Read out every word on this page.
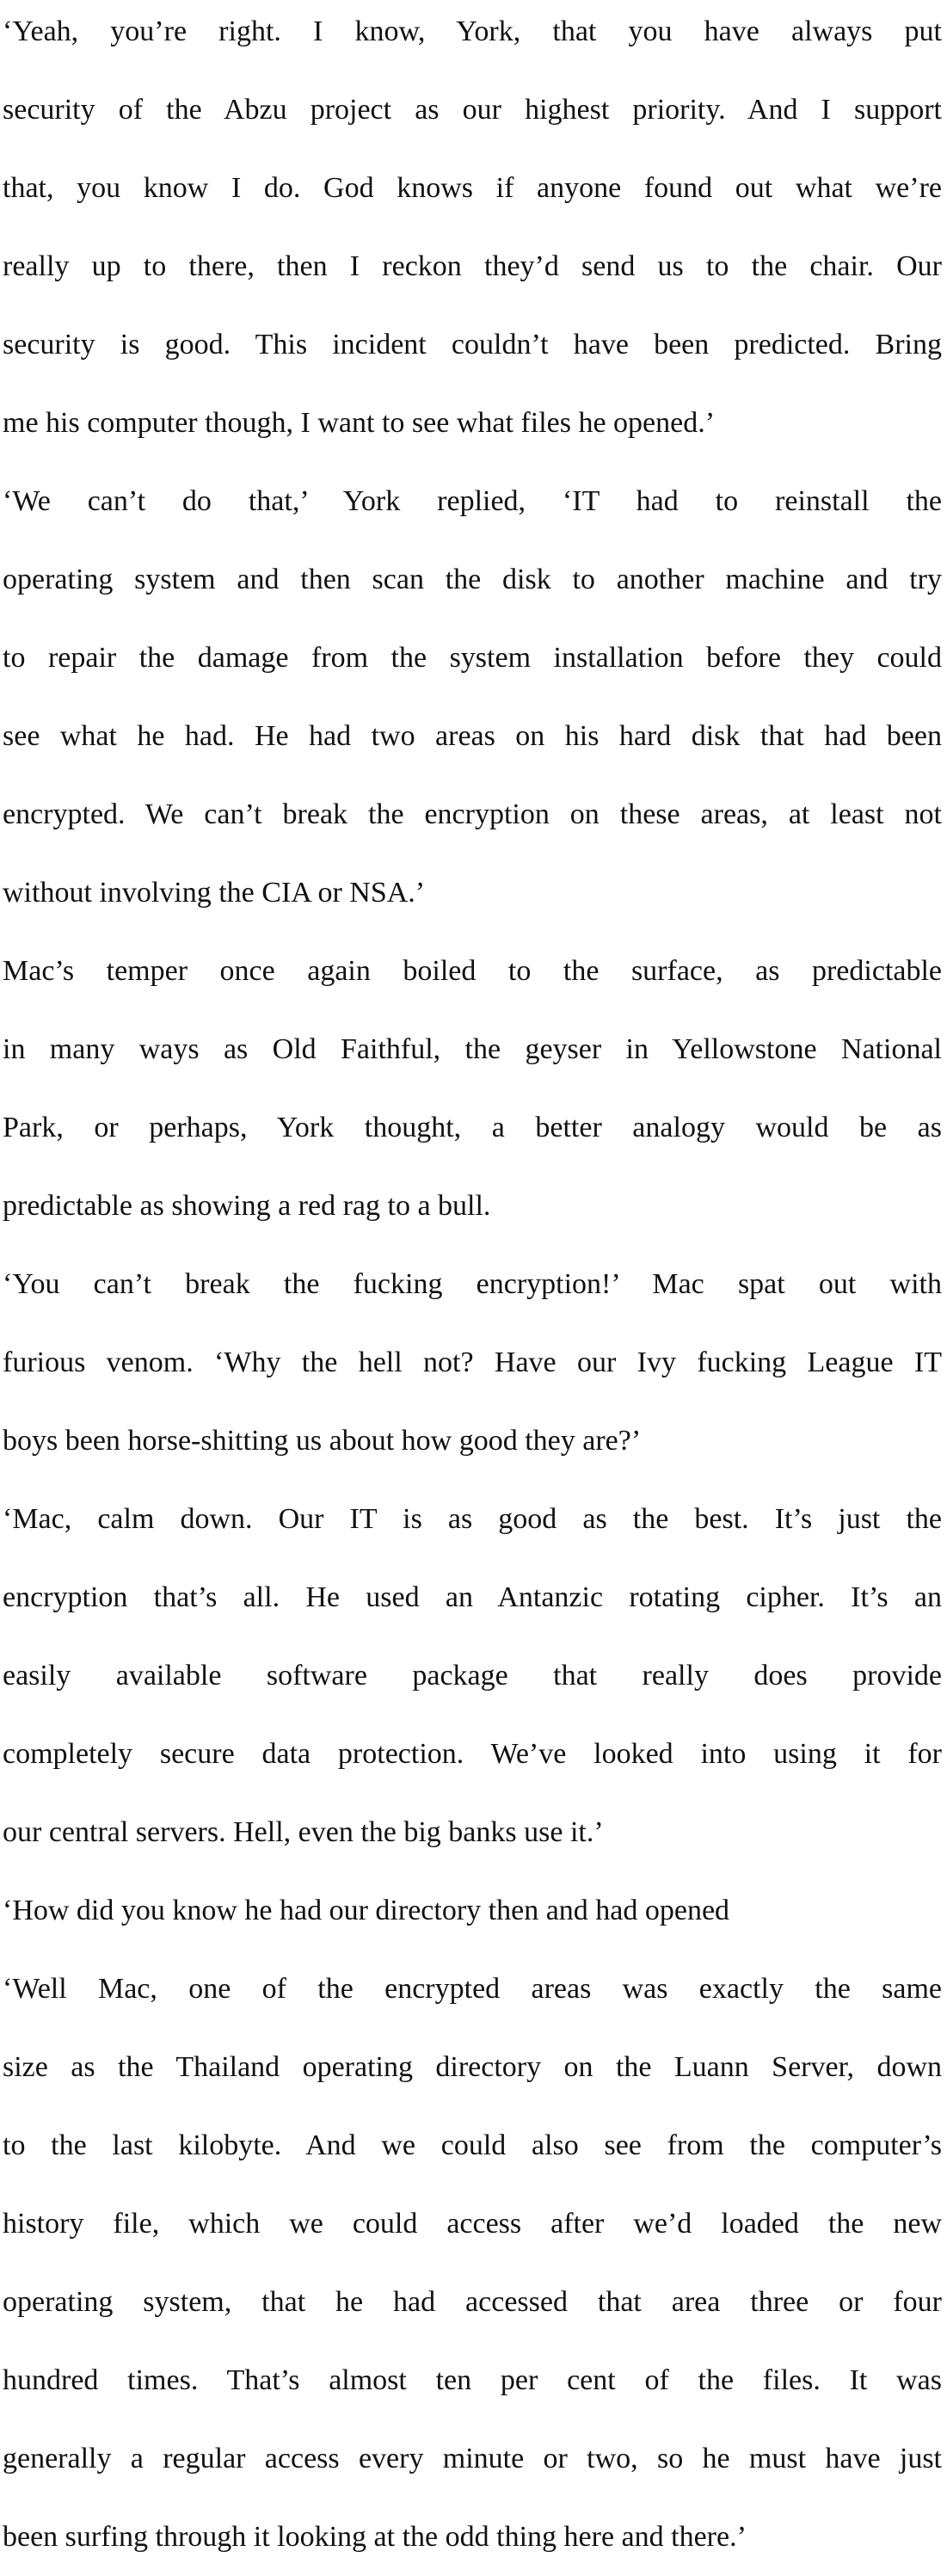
‘Yeah, you’re right. I know, York, that you have always put
security of the Abzu project as our highest priority. And I support
that, you know I do. God knows if anyone found out what we’re
really up to there, then I reckon they’d send us to the chair. Our
security is good. This incident couldn’t have been predicted. Bring
me his computer though, I want to see what files he opened.’
‘We can’t do that,’ York replied, ‘IT had to reinstall the
operating system and then scan the disk to another machine and try
to repair the damage from the system installation before they could
see what he had. He had two areas on his hard disk that had been
encrypted. We can’t break the encryption on these areas, at least not
without involving the CIA or NSA.’
Mac’s temper once again boiled to the surface, as predictable
in many ways as Old Faithful, the geyser in Yellowstone National
Park, or perhaps, York thought, a better analogy would be as
predictable as showing a red rag to a bull.
‘You can’t break the fucking encryption!’ Mac spat out with
furious venom. ‘Why the hell not? Have our Ivy fucking League IT
boys been horse-shitting us about how good they are?’
‘Mac, calm down. Our IT is as good as the best. It’s just the
encryption that’s all. He used an Antanzic rotating cipher. It’s an
easily available software package that really does provide
completely secure data protection. We’ve looked into using it for
our central servers. Hell, even the big banks use it.’
‘How did you know he had our directory then and had opened
‘Well Mac, one of the encrypted areas was exactly the same
size as the Thailand operating directory on the Luann Server, down
to the last kilobyte. And we could also see from the computer’s
history file, which we could access after we’d loaded the new
operating system, that he had accessed that area three or four
hundred times. That’s almost ten per cent of the files. It was
generally a regular access every minute or two, so he must have just
been surfing through it looking at the odd thing here and there.’
